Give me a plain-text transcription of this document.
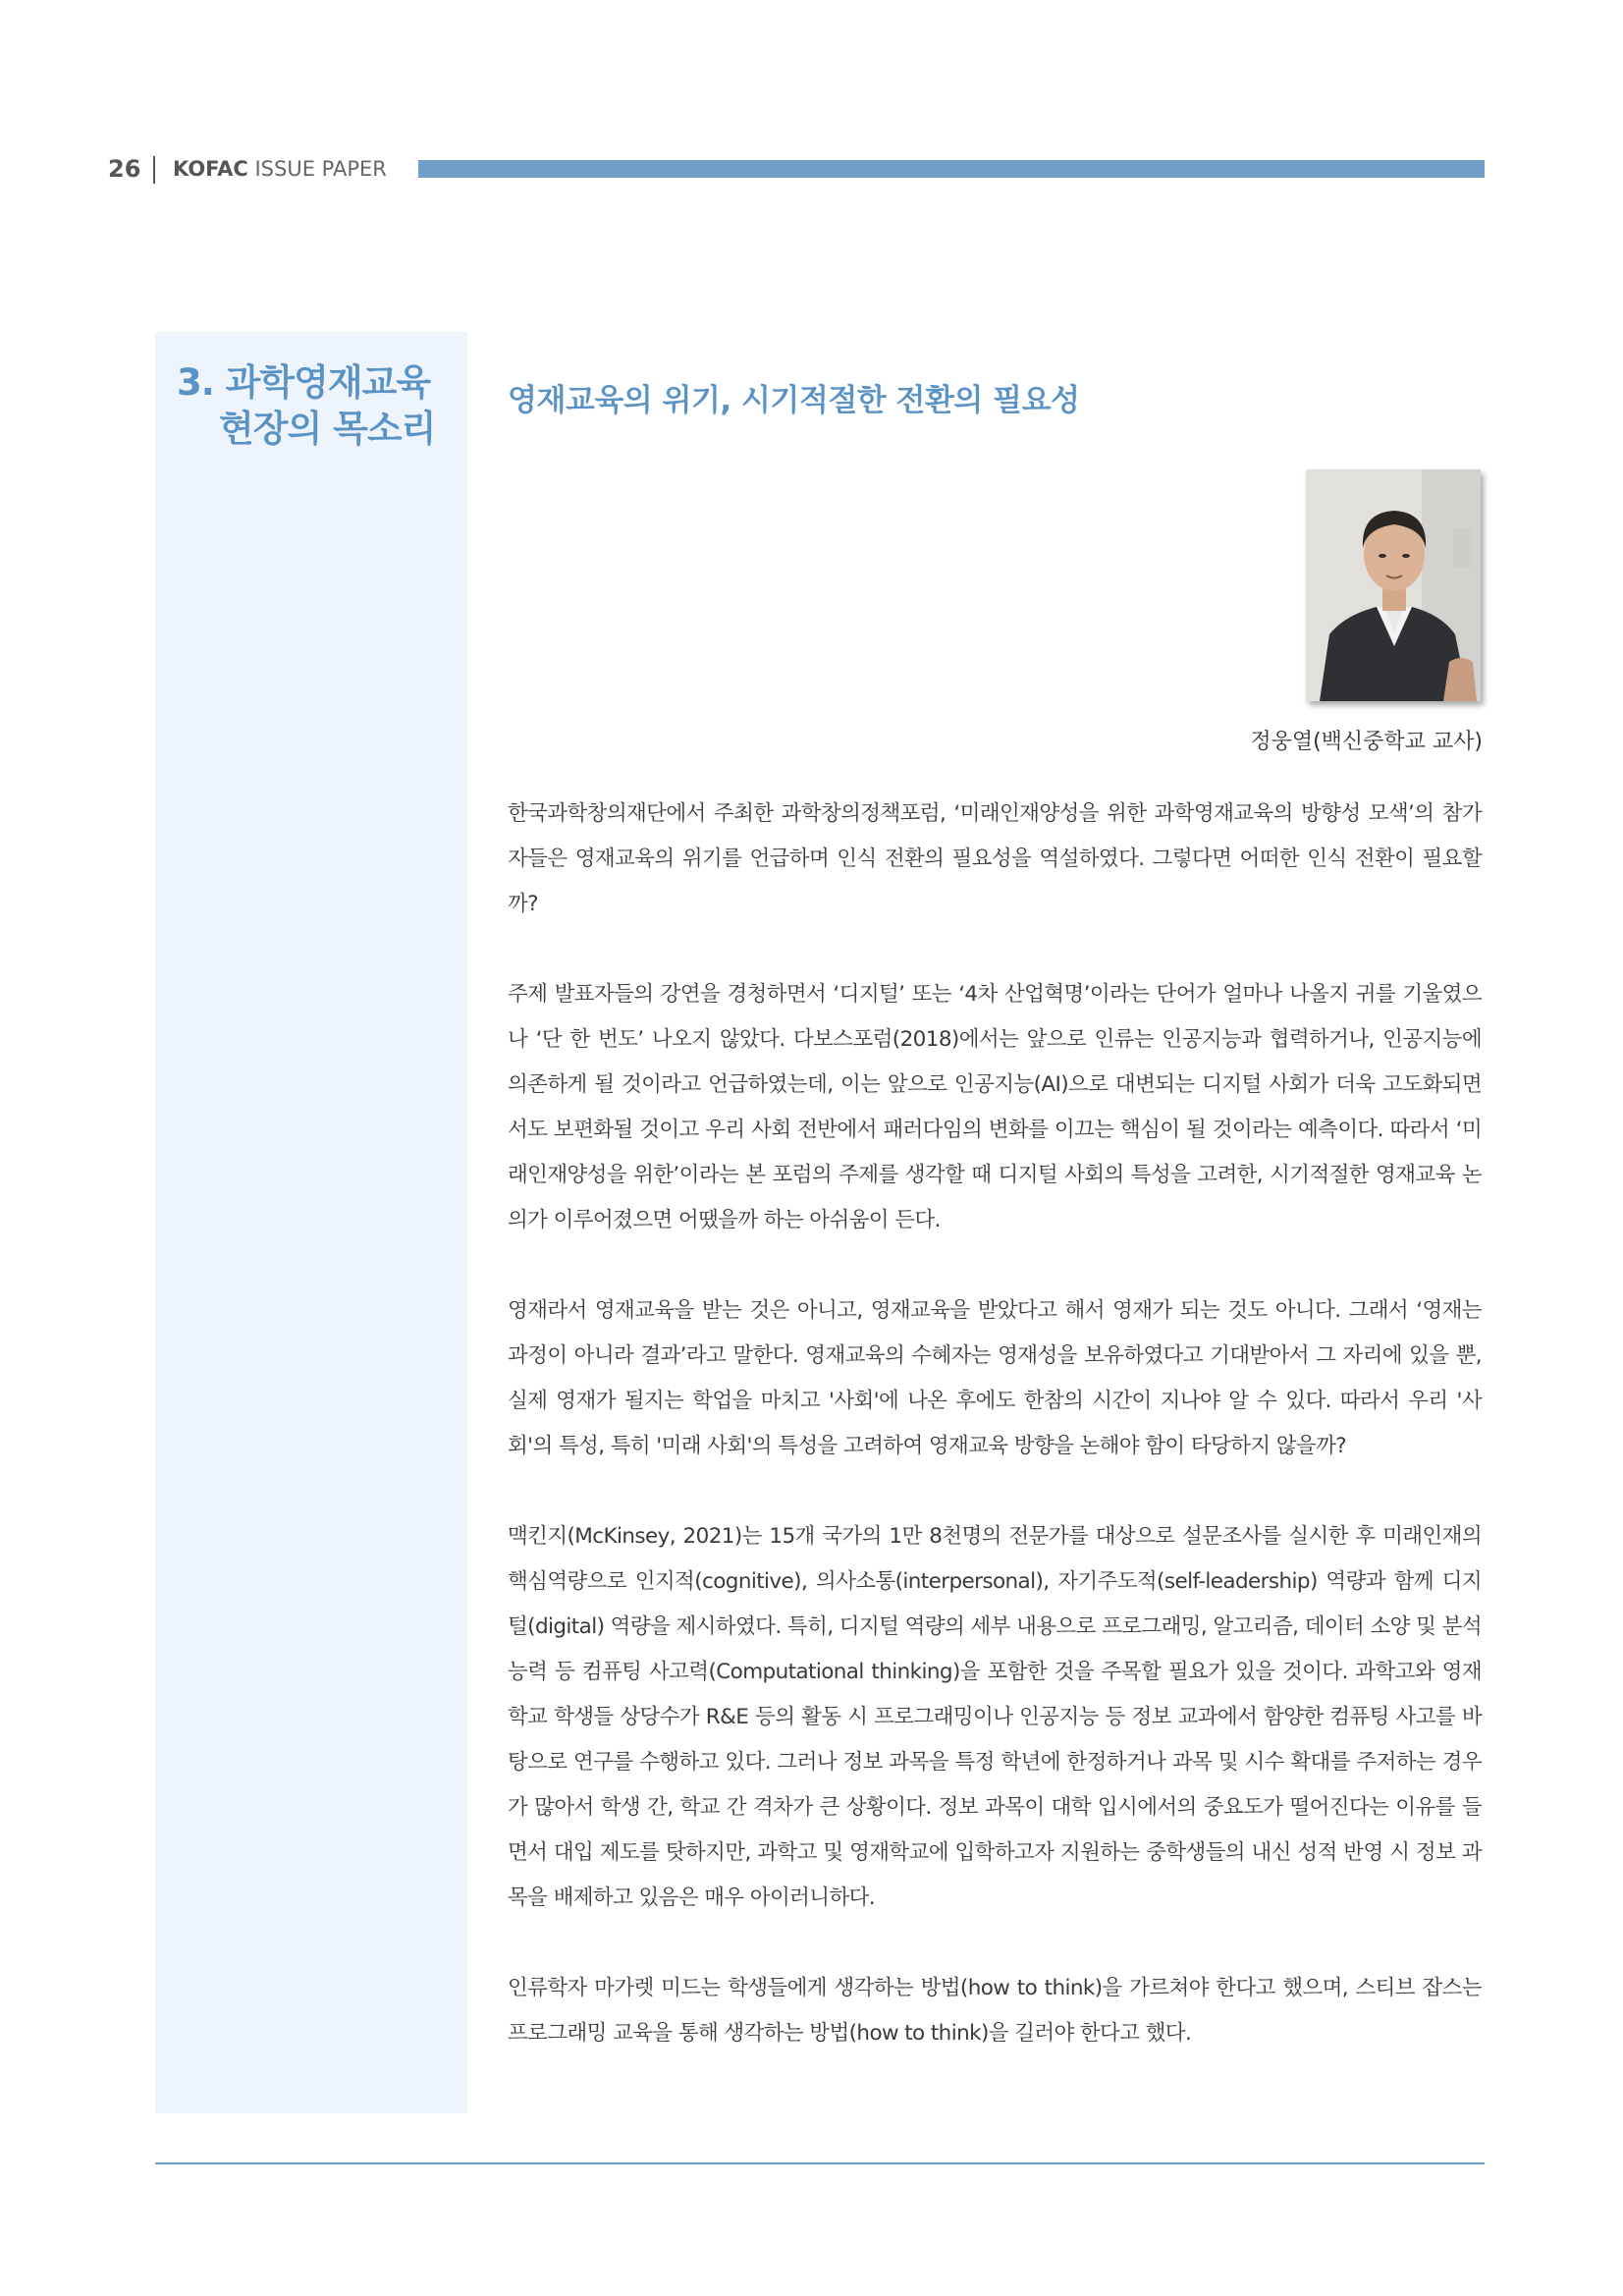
26 KOFAC ISSUE PAPER
3. 과학영재교육
현장의 목소리
영재교육의 위기, 시기적절한 전환의 필요성
정웅열(백신중학교 교사)

한국과학창의재단에서 주최한 과학창의정책포럼, ‘미래인재양성을 위한 과학영재교육의 방향성 모색’의 참가자들은 영재교육의 위기를 언급하며 인식 전환의 필요성을 역설하였다. 그렇다면 어떠한 인식 전환이 필요할까?

주제 발표자들의 강연을 경청하면서 ‘디지털’ 또는 ‘4차 산업혁명’이라는 단어가 얼마나 나올지 귀를 기울였으나 ‘단 한 번도’ 나오지 않았다. 다보스포럼(2018)에서는 앞으로 인류는 인공지능과 협력하거나, 인공지능에 의존하게 될 것이라고 언급하였는데, 이는 앞으로 인공지능(AI)으로 대변되는 디지털 사회가 더욱 고도화되면서도 보편화될 것이고 우리 사회 전반에서 패러다임의 변화를 이끄는 핵심이 될 것이라는 예측이다. 따라서 ‘미래인재양성을 위한’이라는 본 포럼의 주제를 생각할 때 디지털 사회의 특성을 고려한, 시기적절한 영재교육 논의가 이루어졌으면 어땠을까 하는 아쉬움이 든다.

영재라서 영재교육을 받는 것은 아니고, 영재교육을 받았다고 해서 영재가 되는 것도 아니다. 그래서 ‘영재는 과정이 아니라 결과’라고 말한다. 영재교육의 수혜자는 영재성을 보유하였다고 기대받아서 그 자리에 있을 뿐, 실제 영재가 될지는 학업을 마치고 '사회'에 나온 후에도 한참의 시간이 지나야 알 수 있다. 따라서 우리 '사회'의 특성, 특히 '미래 사회'의 특성을 고려하여 영재교육 방향을 논해야 함이 타당하지 않을까?

맥킨지(McKinsey, 2021)는 15개 국가의 1만 8천명의 전문가를 대상으로 설문조사를 실시한 후 미래인재의 핵심역량으로 인지적(cognitive), 의사소통(interpersonal), 자기주도적(self-leadership) 역량과 함께 디지털(digital) 역량을 제시하였다. 특히, 디지털 역량의 세부 내용으로 프로그래밍, 알고리즘, 데이터 소양 및 분석 능력 등 컴퓨팅 사고력(Computational thinking)을 포함한 것을 주목할 필요가 있을 것이다. 과학고와 영재학교 학생들 상당수가 R&E 등의 활동 시 프로그래밍이나 인공지능 등 정보 교과에서 함양한 컴퓨팅 사고를 바탕으로 연구를 수행하고 있다. 그러나 정보 과목을 특정 학년에 한정하거나 과목 및 시수 확대를 주저하는 경우가 많아서 학생 간, 학교 간 격차가 큰 상황이다. 정보 과목이 대학 입시에서의 중요도가 떨어진다는 이유를 들면서 대입 제도를 탓하지만, 과학고 및 영재학교에 입학하고자 지원하는 중학생들의 내신 성적 반영 시 정보 과목을 배제하고 있음은 매우 아이러니하다.

인류학자 마가렛 미드는 학생들에게 생각하는 방법(how to think)을 가르쳐야 한다고 했으며, 스티브 잡스는 프로그래밍 교육을 통해 생각하는 방법(how to think)을 길러야 한다고 했다.
